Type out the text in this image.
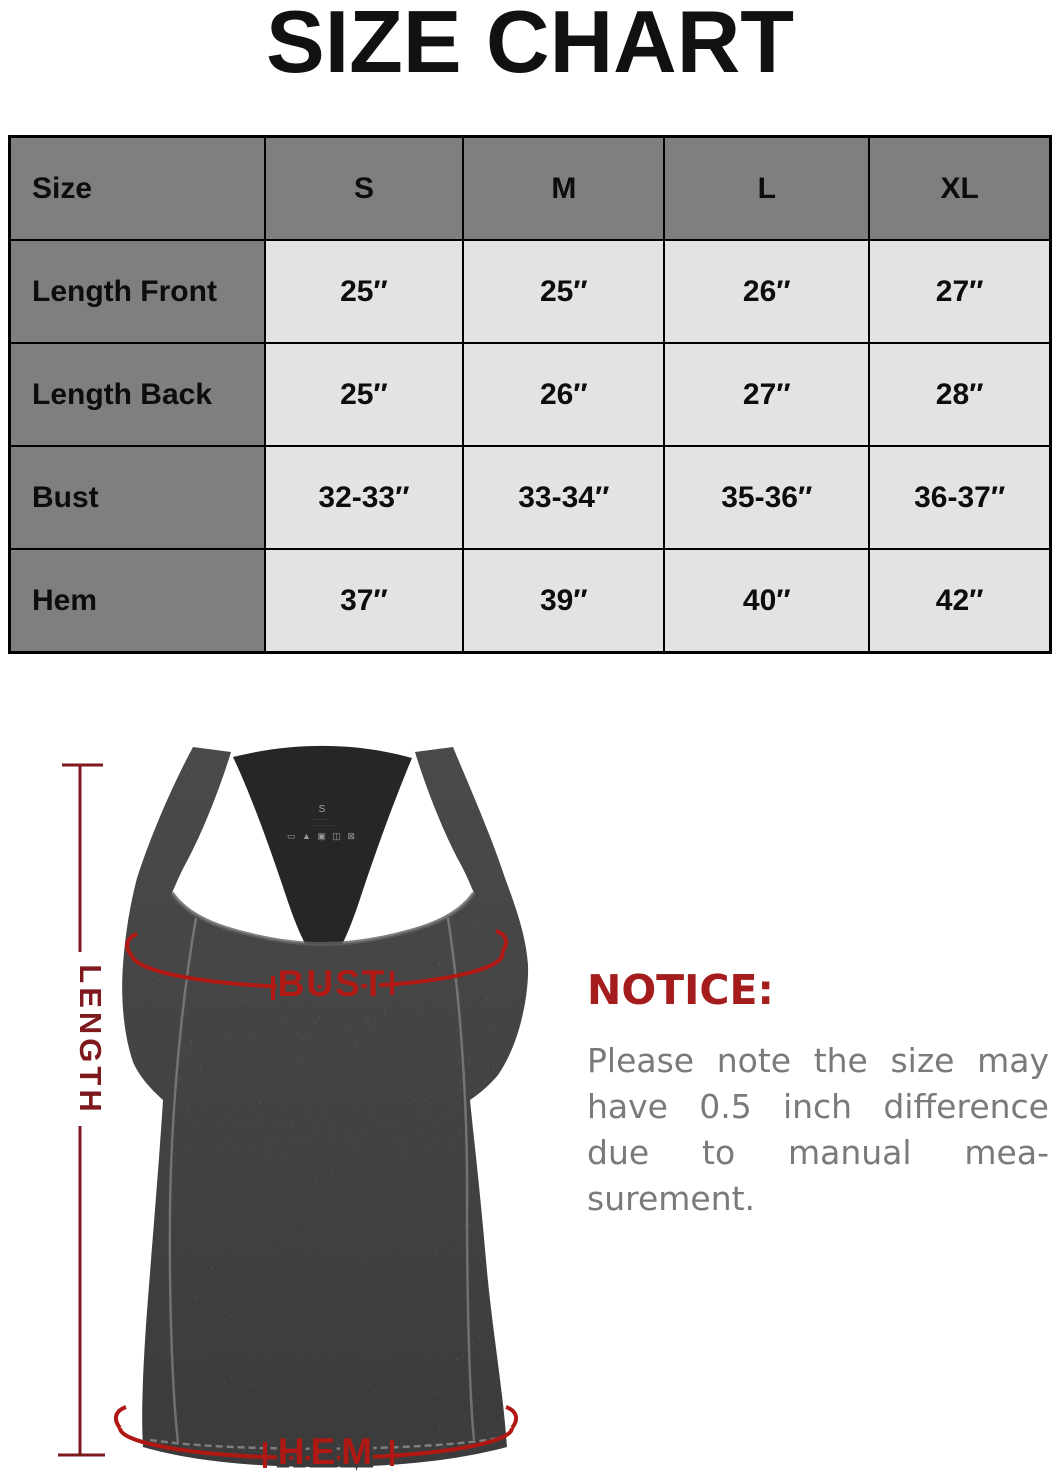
SIZE CHART
Size	S	M	L	XL
Length Front	25″	25″	26″	27″
Length Back	25″	26″	27″	28″
Bust	32-33″	33-34″	35-36″	36-37″
Hem	37″	39″	40″	42″
S
·······
··········
▭ ▲ ▣ ◫ ⊠
LENGTH	BUST
HEM
NOTICE:
Please note the size may
have 0.5 inch difference
due to manual mea-
surement.
